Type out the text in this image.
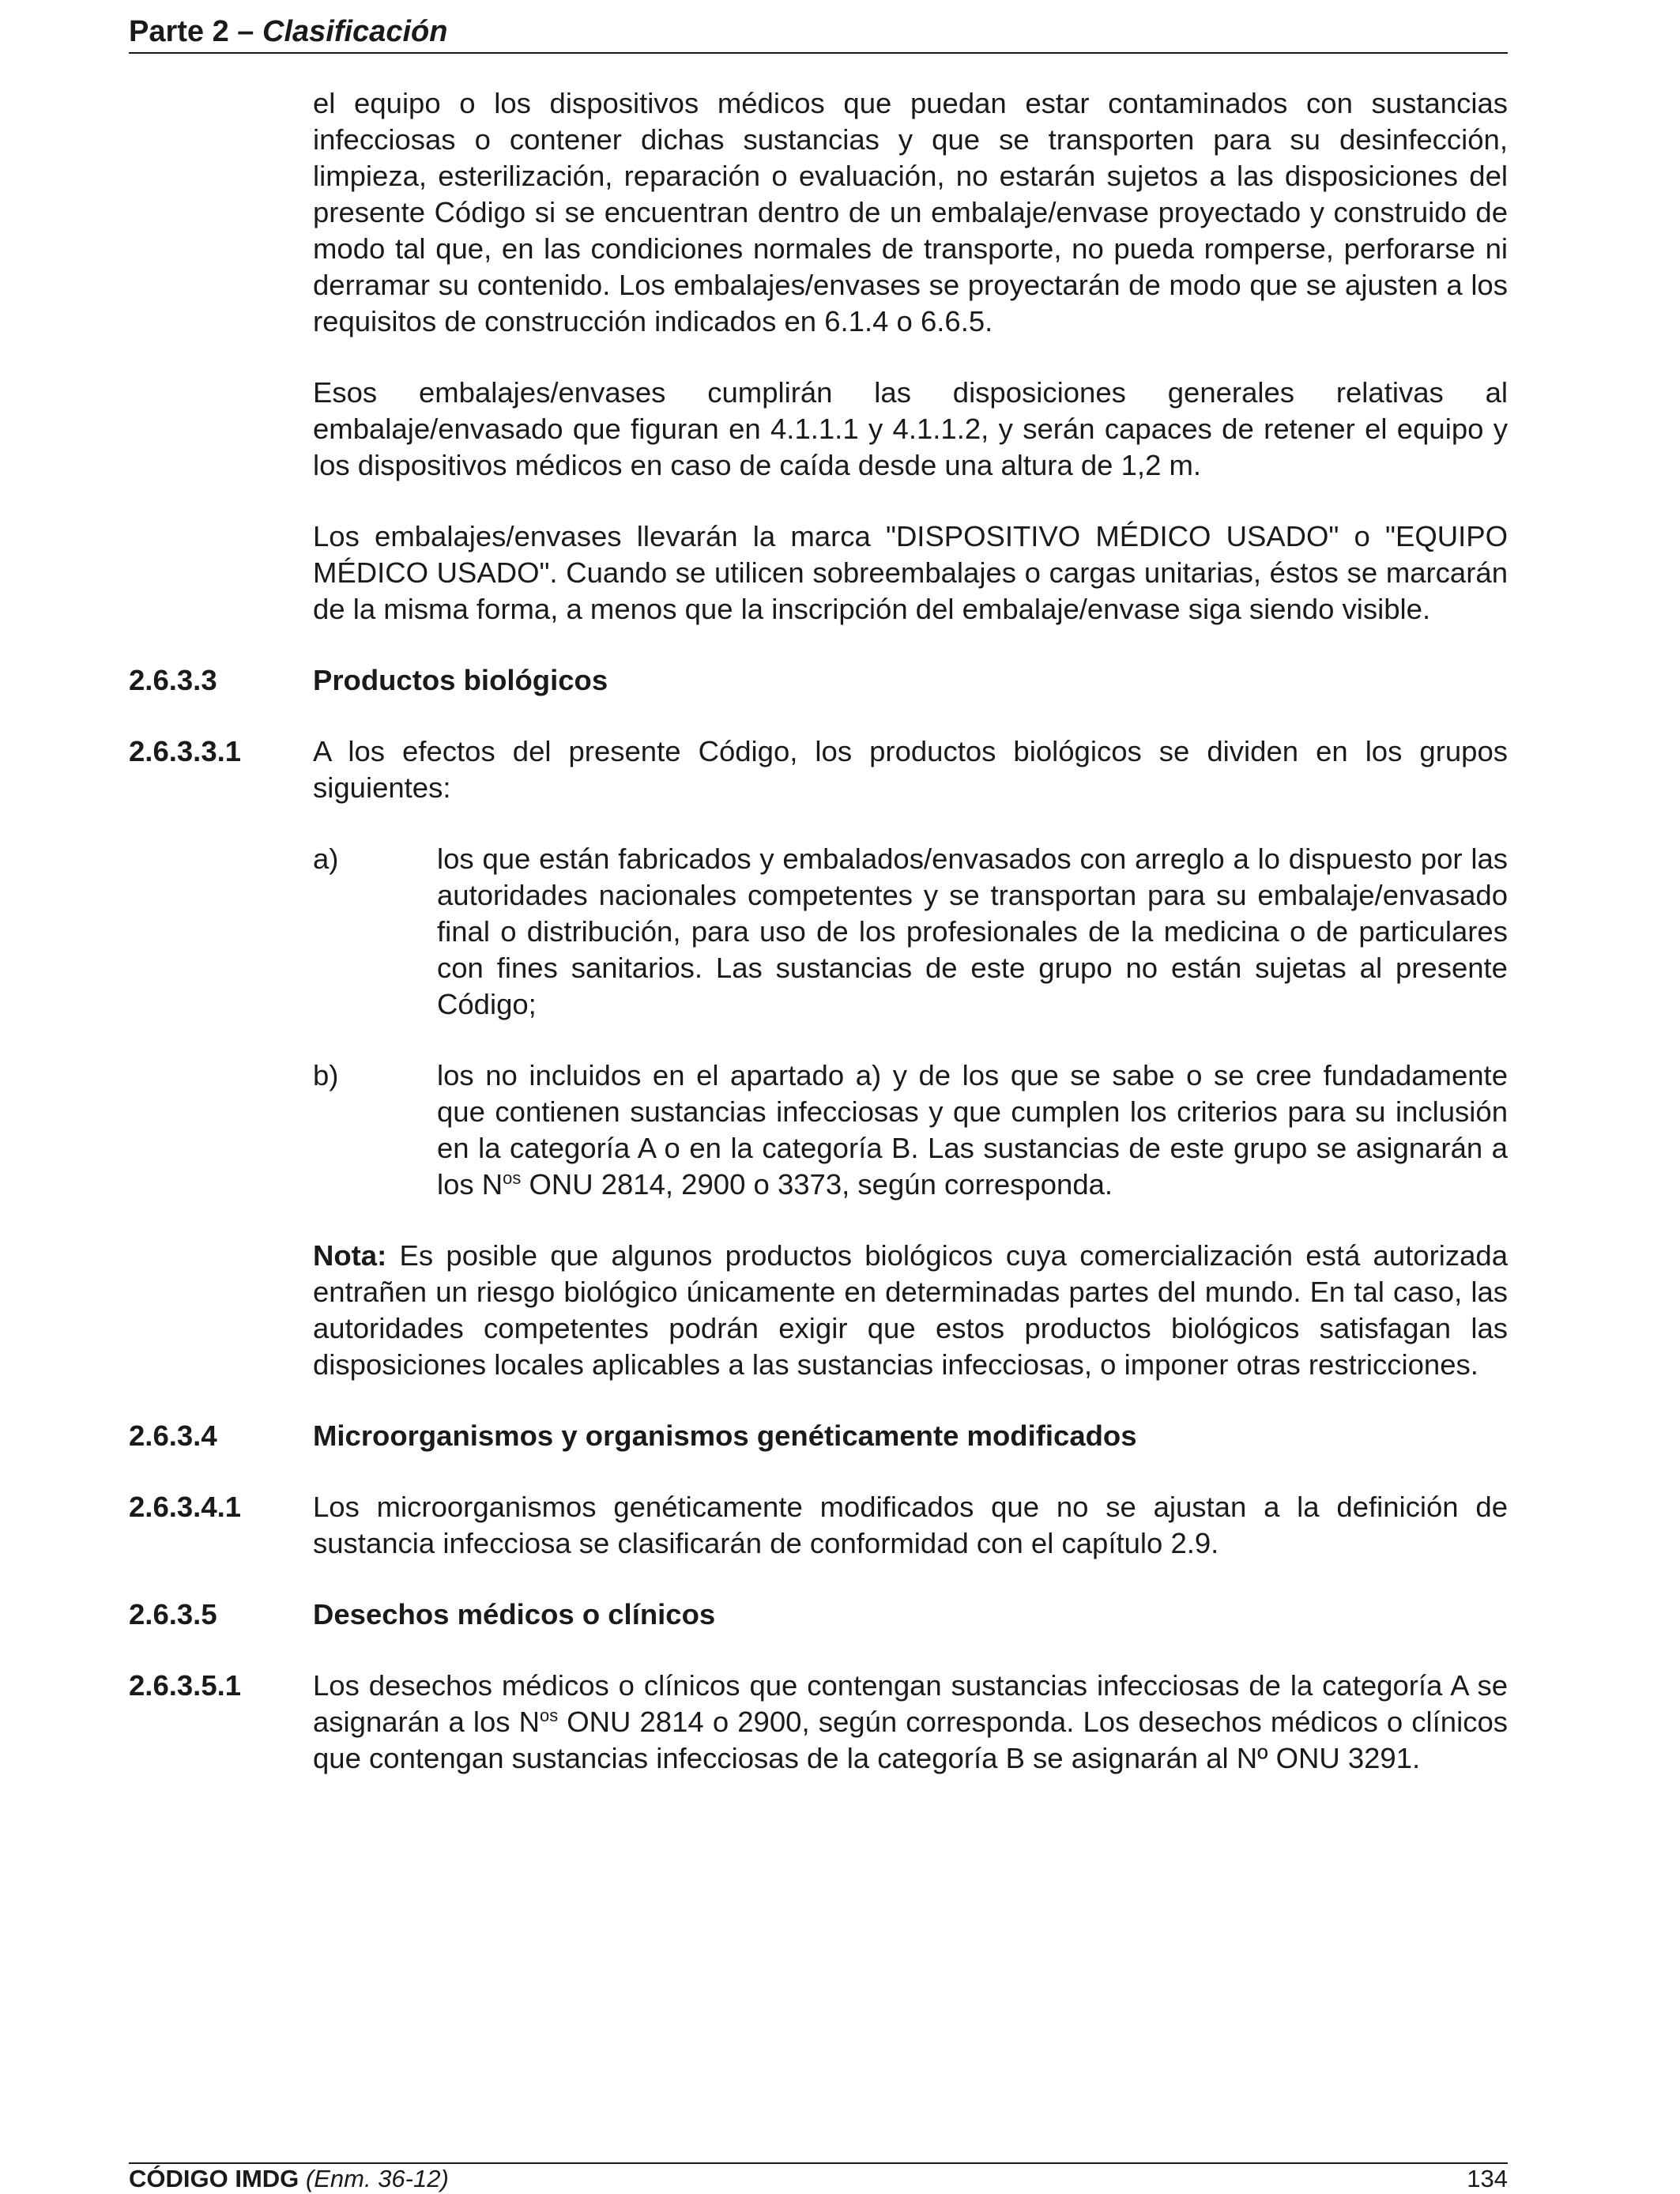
Parte 2 – Clasificación

el equipo o los dispositivos médicos que puedan estar contaminados con sustancias infecciosas o contener dichas sustancias y que se transporten para su desinfección, limpieza, esterilización, reparación o evaluación, no estarán sujetos a las disposiciones del presente Código si se encuentran dentro de un embalaje/envase proyectado y construido de modo tal que, en las condiciones normales de transporte, no pueda romperse, perforarse ni derramar su contenido. Los embalajes/envases se proyectarán de modo que se ajusten a los requisitos de construcción indicados en 6.1.4 o 6.6.5.

Esos embalajes/envases cumplirán las disposiciones generales relativas al embalaje/envasado que figuran en 4.1.1.1 y 4.1.1.2, y serán capaces de retener el equipo y los dispositivos médicos en caso de caída desde una altura de 1,2 m.

Los embalajes/envases llevarán la marca "DISPOSITIVO MÉDICO USADO" o "EQUIPO MÉDICO USADO". Cuando se utilicen sobreembalajes o cargas unitarias, éstos se marcarán de la misma forma, a menos que la inscripción del embalaje/envase siga siendo visible.

2.6.3.3	Productos biológicos
2.6.3.3.1	A los efectos del presente Código, los productos biológicos se dividen en los grupos siguientes:

a)	los que están fabricados y embalados/envasados con arreglo a lo dispuesto por las autoridades nacionales competentes y se transportan para su embalaje/envasado final o distribución, para uso de los profesionales de la medicina o de particulares con fines sanitarios. Las sustancias de este grupo no están sujetas al presente Código;

b)	los no incluidos en el apartado a) y de los que se sabe o se cree fundadamente que contienen sustancias infecciosas y que cumplen los criterios para su inclusión en la categoría A o en la categoría B. Las sustancias de este grupo se asignarán a los $N^{os}$ ONU 2814, 2900 o 3373, según corresponda.

Nota: Es posible que algunos productos biológicos cuya comercialización está autorizada entrañen un riesgo biológico únicamente en determinadas partes del mundo. En tal caso, las autoridades competentes podrán exigir que estos productos biológicos satisfagan las disposiciones locales aplicables a las sustancias infecciosas, o imponer otras restricciones.

2.6.3.4	Microorganismos y organismos genéticamente modificados
2.6.3.4.1	Los microorganismos genéticamente modificados que no se ajustan a la definición de sustancia infecciosa se clasificarán de conformidad con el capítulo 2.9.

2.6.3.5	Desechos médicos o clínicos
2.6.3.5.1	Los desechos médicos o clínicos que contengan sustancias infecciosas de la categoría A se asignarán a los $N^{os}$ ONU 2814 o 2900, según corresponda. Los desechos médicos o clínicos que contengan sustancias infecciosas de la categoría B se asignarán al Nº ONU 3291.

CÓDIGO IMDG (Enm. 36-12)	134
